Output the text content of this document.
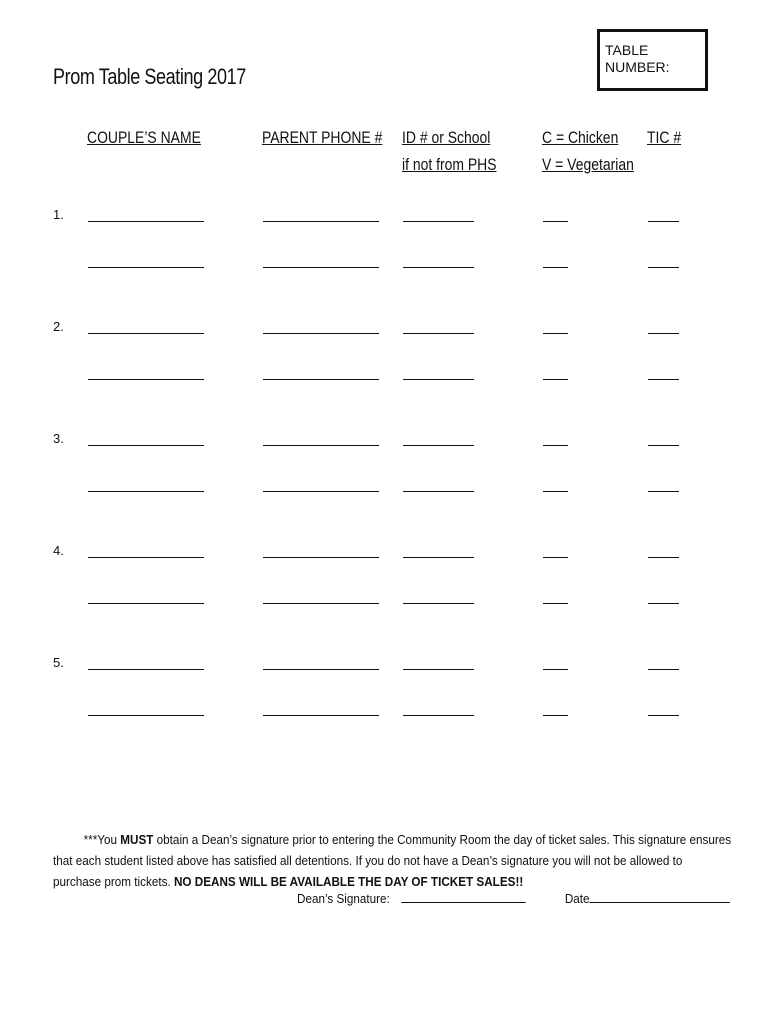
Prom Table Seating 2017
TABLE
NUMBER:
COUPLE’S NAME	PARENT PHONE # ID # or School
if not from PHS
C = Chicken
V = Vegetarian
TIC #
1.
2.
3.
4.
5.
***You MUST obtain a Dean’s signature prior to entering the Community Room the day of ticket sales. This signature ensures that each student listed above has satisfied all detentions. If you do not have a Dean’s signature you will not be allowed to purchase prom tickets. NO DEANS WILL BE AVAILABLE THE DAY OF TICKET SALES!!
Dean’s Signature:	Date
